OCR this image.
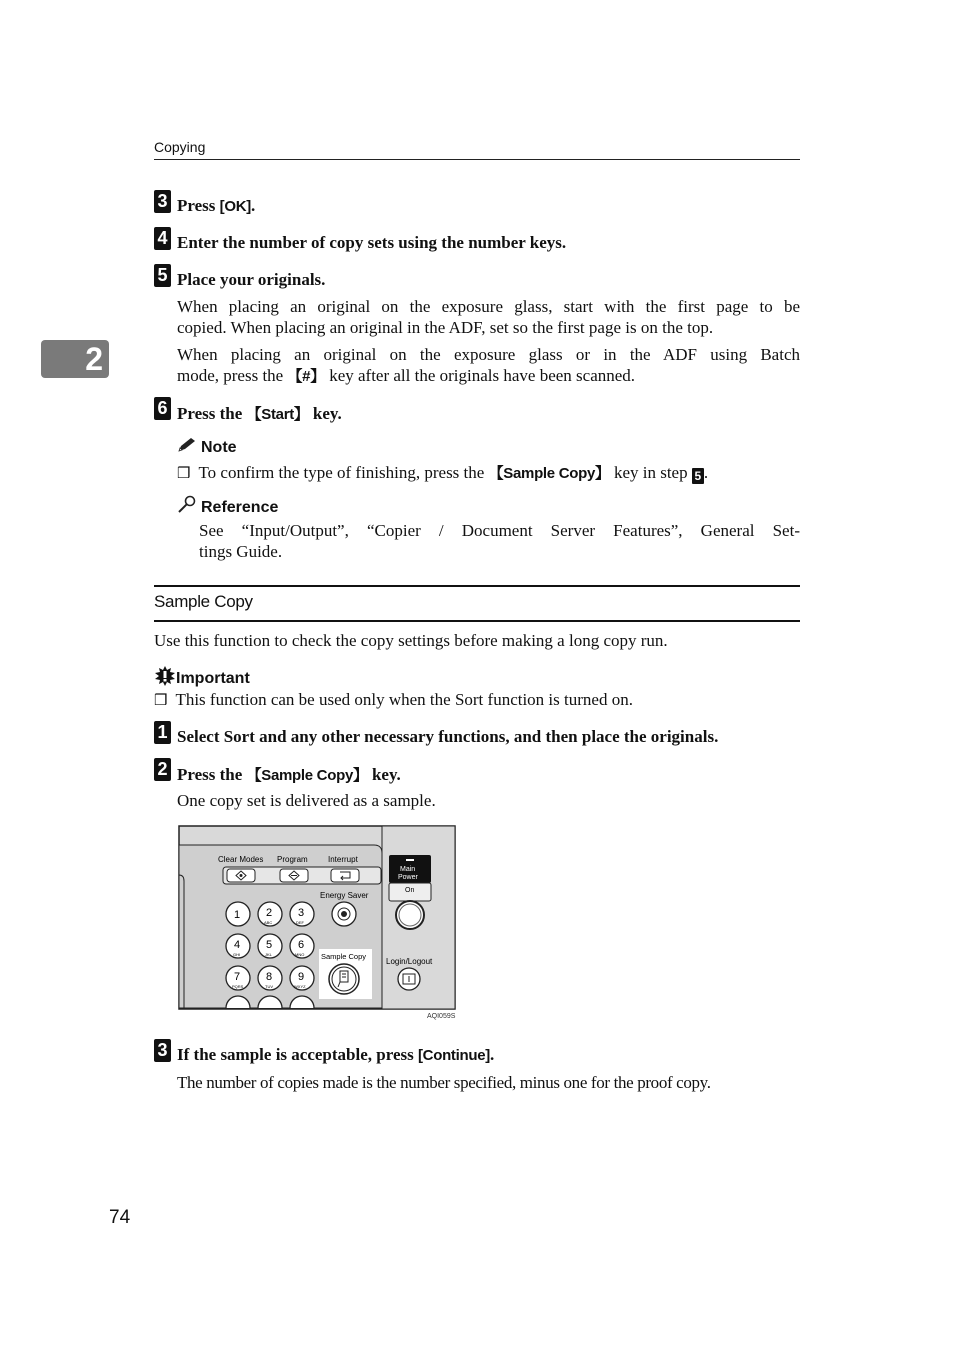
Copying
2
3 Press [OK].
4 Enter the number of copy sets using the number keys.
5 Place your originals.
When placing an original on the exposure glass, start with the first page to be
copied. When placing an original in the ADF, set so the first page is on the top.
When placing an original on the exposure glass or in the ADF using Batch
mode, press the 【#】 key after all the originals have been scanned.
6 Press the 【Start】 key.
Note
❒ To confirm the type of finishing, press the 【Sample Copy】 key in step 5 .
Reference
See “Input/Output”, “Copier / Document Server Features”, General Set-
tings Guide.
Sample Copy
Use this function to check the copy settings before making a long copy run.
Important
❒ This function can be used only when the Sort function is turned on.
1 Select Sort and any other necessary functions, and then place the originals.
2 Press the 【Sample Copy】 key.
One copy set is delivered as a sample.
Clear Modes Program	Interrupt
Energy Saver
Main
Power
On
Login/Logout
Sample Copy
1 2
ABC
3
DEF
4
GHI
5
JKL
6
MNO
7
PQRS
8
TUV
9
WXYZ
AQI059S
3 If the sample is acceptable, press [Continue].
The number of copies made is the number specified, minus one for the proof copy.
74
